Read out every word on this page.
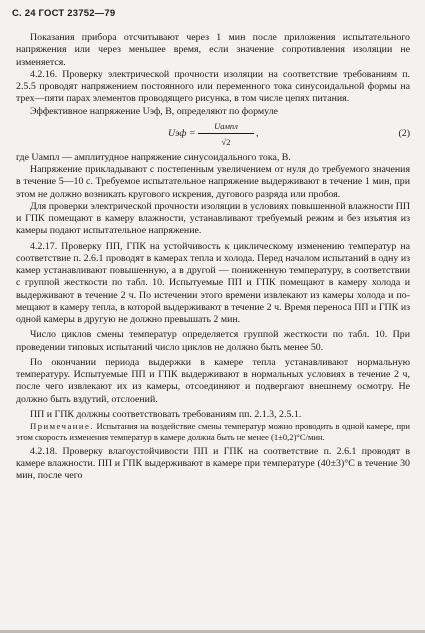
С. 24 ГОСТ 23752—79

Показания прибора отсчитывают через 1 мин после приложения испытательного напряжения или через меньшее время, если значение сопротивления изоляции не изменяется.

4.2.16. Проверку электрической прочности изоляции на соответствие требованиям п. 2.5.5 проводят напряжением постоянного или переменного тока синусоидальной формы на трех—пяти парах элементов проводящего рисунка, в том числе цепях питания.

Эффективное напряжение Uэф, В, определяют по формуле

Uэф =
Uампл
√2
,	(2)

где Uампл — амплитудное напряжение синусоидального тока, В.

Напряжение прикладывают с постепенным увеличением от нуля до требуемого значения в течение 5—10 с. Требуемое испытательное напряжение выдерживают в течение 1 мин, при этом не должно возникать кругового искрения, дугового разряда или пробоя.

Для проверки электрической прочности изоляции в условиях повышенной влажности ПП и ГПК помещают в камеру влажности, устанавливают требуемый режим и без изъятия из камеры подают испытательное напряжение.

4.2.17. Проверку ПП, ГПК на устойчивость к циклическому изменению температур на соответствие п. 2.6.1 проводят в камерах тепла и холода. Перед началом испытаний в одну из камер устанавливают повышенную, а в другой — пониженную температуру, в соответствии с группой жесткости по табл. 10. Испытуемые ПП и ГПК помещают в камеру холода и выдерживают в течение 2 ч. По истечении этого времени извлекают из камеры холода и помещают в камеру тепла, в которой выдерживают в течение 2 ч. Время переноса ПП и ГПК из одной камеры в другую не должно превышать 2 мин.

Число циклов смены температур определяется группой жесткости по табл. 10. При проведении типовых испытаний число циклов не должно быть менее 50.

По окончании периода выдержки в камере тепла устанавливают нормальную температуру. Испытуемые ПП и ГПК выдерживают в нормальных условиях в течение 2 ч, после чего извлекают их из камеры, отсоединяют и подвергают внешнему осмотру. Не должно быть вздутий, отслоений.

ПП и ГПК должны соответствовать требованиям пп. 2.1.3, 2.5.1.

Примечание. Испытания на воздействие смены температур можно проводить в одной камере, при этом скорость изменения температур в камере должна быть не менее (1±0,2)°С/мин.

4.2.18. Проверку влагоустойчивости ПП и ГПК на соответствие п. 2.6.1 проводят в камере влажности. ПП и ГПК выдерживают в камере при температуре (40±3)°С в течение 30 мин, после чего
